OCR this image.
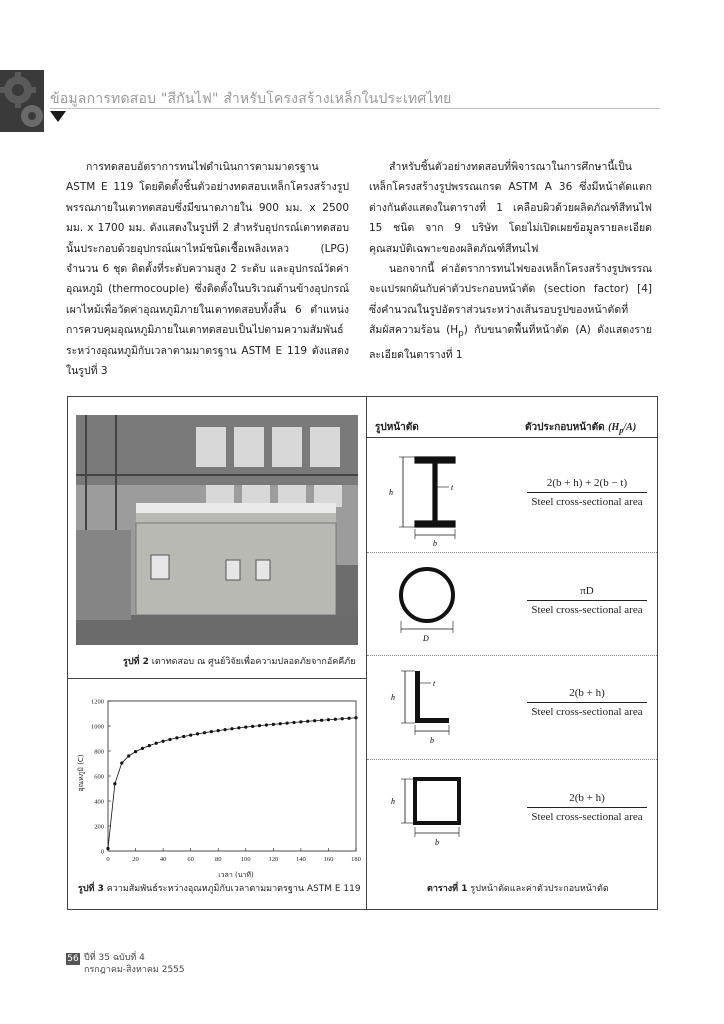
ข้อมูลการทดสอบ "สีกันไฟ" สำหรับโครงสร้างเหล็กในประเทศไทย

การทดสอบอัตราการทนไฟดำเนินการตามมาตรฐาน ASTM E 119 โดยติดตั้งชิ้นตัวอย่างทดสอบเหล็กโครงสร้างรูปพรรณภายในเตาทดสอบซึ่งมีขนาดภายใน 900 มม. x 2500 มม. x 1700 มม. ดังแสดงในรูปที่ 2 สำหรับอุปกรณ์เตาทดสอบนั้นประกอบด้วยอุปกรณ์เผาไหม้ชนิดเชื้อเพลิงเหลว (LPG) จำนวน 6 ชุด ติดตั้งที่ระดับความสูง 2 ระดับ และอุปกรณ์วัดค่าอุณหภูมิ (thermocouple) ซึ่งติดตั้งในบริเวณด้านข้างอุปกรณ์เผาไหม้เพื่อวัดค่าอุณหภูมิภายในเตาทดสอบทั้งสิ้น 6 ตำแหน่ง การควบคุมอุณหภูมิภายในเตาทดสอบเป็นไปตามความสัมพันธ์ระหว่างอุณหภูมิกับเวลาตามมาตรฐาน ASTM E 119 ดังแสดงในรูปที่ 3

สำหรับชิ้นตัวอย่างทดสอบที่พิจารณาในการศึกษานี้เป็นเหล็กโครงสร้างรูปพรรณเกรด ASTM A 36 ซึ่งมีหน้าตัดแตกต่างกันดังแสดงในตารางที่ 1 เคลือบผิวด้วยผลิตภัณฑ์สีทนไฟ 15 ชนิด จาก 9 บริษัท โดยไม่เปิดเผยข้อมูลรายละเอียดคุณสมบัติเฉพาะของผลิตภัณฑ์สีทนไฟ

นอกจากนี้ ค่าอัตราการทนไฟของเหล็กโครงสร้างรูปพรรณจะแปรผกผันกับค่าตัวประกอบหน้าตัด (section factor) [4] ซึ่งคำนวณในรูปอัตราส่วนระหว่างเส้นรอบรูปของหน้าตัดที่สัมผัสความร้อน $(H_p)$ กับขนาดพื้นที่หน้าตัด (A) ดังแสดงรายละเอียดในตารางที่ 1

รูปที่ 2 เตาทดสอบ ณ ศูนย์วิจัยเพื่อความปลอดภัยจากอัคคีภัย
อุณหภูมิ (C)
เวลา (นาที)
0
200
400
600
800
1000
1200
0	20	40	60	80	100	120	140	160	180
รูปที่ 3 ความสัมพันธ์ระหว่างอุณหภูมิกับเวลาตามมาตรฐาน ASTM E 119
รูปหน้าตัด	ตัวประกอบหน้าตัด $(H_p/A)$
h
b
t	2(b + h) + 2(b − t)
Steel cross-sectional area
D
πD
Steel cross-sectional area
h
b
t
2(b + h)
Steel cross-sectional area
h
b
2(b + h)
Steel cross-sectional area
ตารางที่ 1 รูปหน้าตัดและค่าตัวประกอบหน้าตัด
56 ปีที่ 35 ฉบับที่ 4
กรกฎาคม-สิงหาคม 2555
